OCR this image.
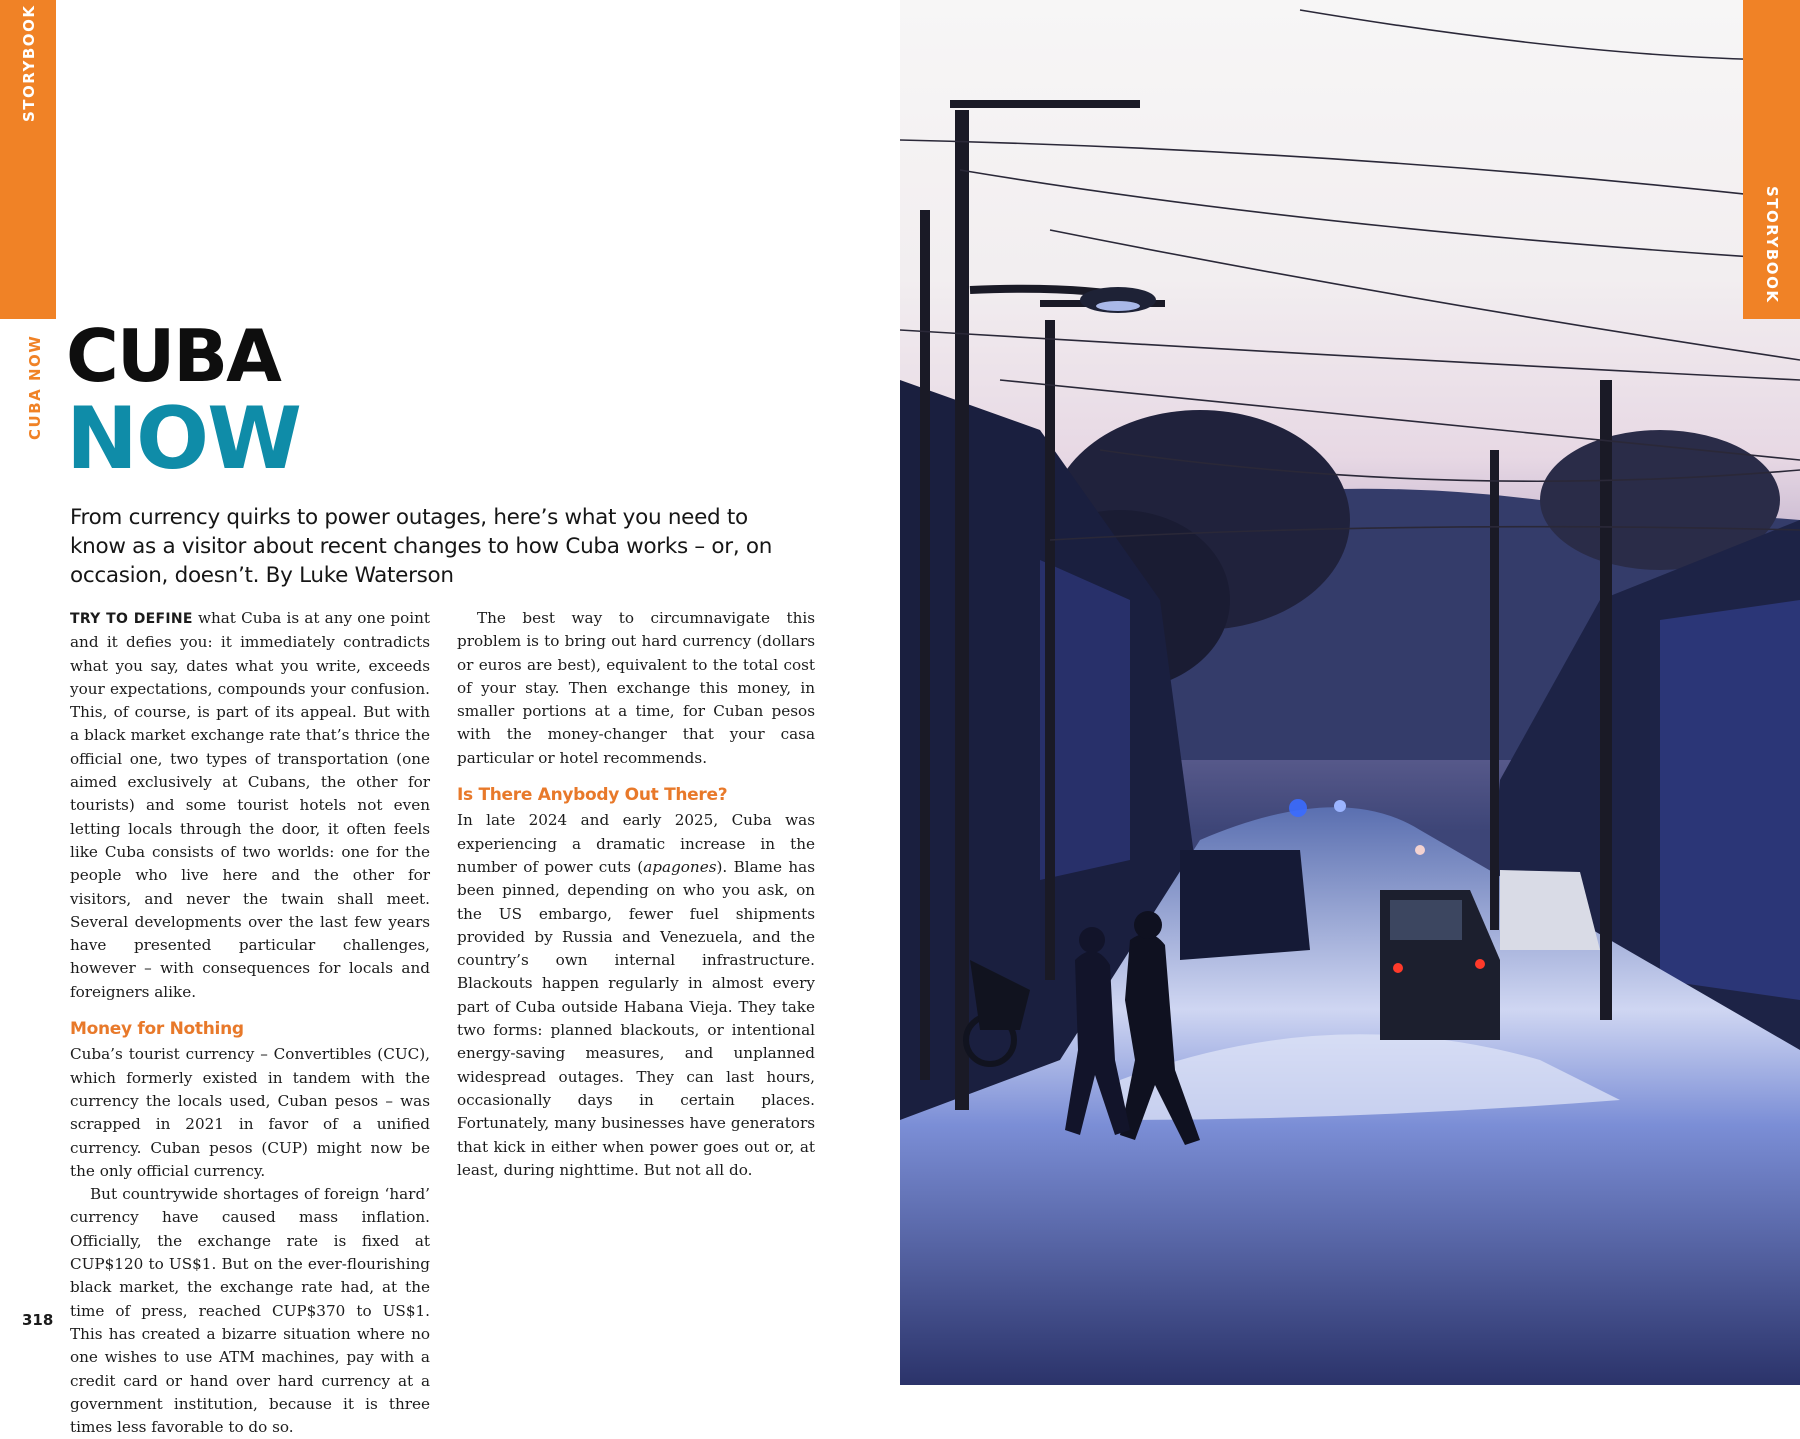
STORYBOOK
CUBA NOW CUBA
NOW

From currency quirks to power outages, here’s what you need to know as a visitor about recent changes to how Cuba works – or, on occasion, doesn’t. By Luke Waterson

TRY TO DEFINE what Cuba is at any one point and it defies you: it immediately contradicts what you say, dates what you write, exceeds your expectations, compounds your confusion. This, of course, is part of its appeal. But with a black market exchange rate that’s thrice the official one, two types of transportation (one aimed exclusively at Cubans, the other for tourists) and some tourist hotels not even letting locals through the door, it often feels like Cuba consists of two worlds: one for the people who live here and the other for visitors, and never the twain shall meet. Several developments over the last few years have presented particular challenges, however – with consequences for locals and foreigners alike.

Money for Nothing

Cuba’s tourist currency – Convertibles (CUC), which formerly existed in tandem with the currency the locals used, Cuban pesos – was scrapped in 2021 in favor of a unified currency. Cuban pesos (CUP) might now be the only official currency.

But countrywide shortages of foreign ‘hard’ currency have caused mass inflation. Officially, the exchange rate is fixed at CUP$120 to US$1. But on the ever-flourishing black market, the exchange rate had, at the time of press, reached CUP$370 to US$1. This has created a bizarre situation where no one wishes to use ATM machines, pay with a credit card or hand over hard currency at a government institution, because it is three times less favorable to do so.

The best way to circumnavigate this problem is to bring out hard currency (dollars or euros are best), equivalent to the total cost of your stay. Then exchange this money, in smaller portions at a time, for Cuban pesos with the money-changer that your casa particular or hotel recommends.

Is There Anybody Out There?

In late 2024 and early 2025, Cuba was experiencing a dramatic increase in the number of power cuts (apagones). Blame has been pinned, depending on who you ask, on the US embargo, fewer fuel shipments provided by Russia and Venezuela, and the country’s own internal infrastructure. Blackouts happen regularly in almost every part of Cuba outside Habana Vieja. They take two forms: planned blackouts, or intentional energy-saving measures, and unplanned widespread outages. They can last hours, occasionally days in certain places. Fortunately, many businesses have generators that kick in either when power goes out or, at least, during nighttime. But not all do.

318
STORYBOOK
